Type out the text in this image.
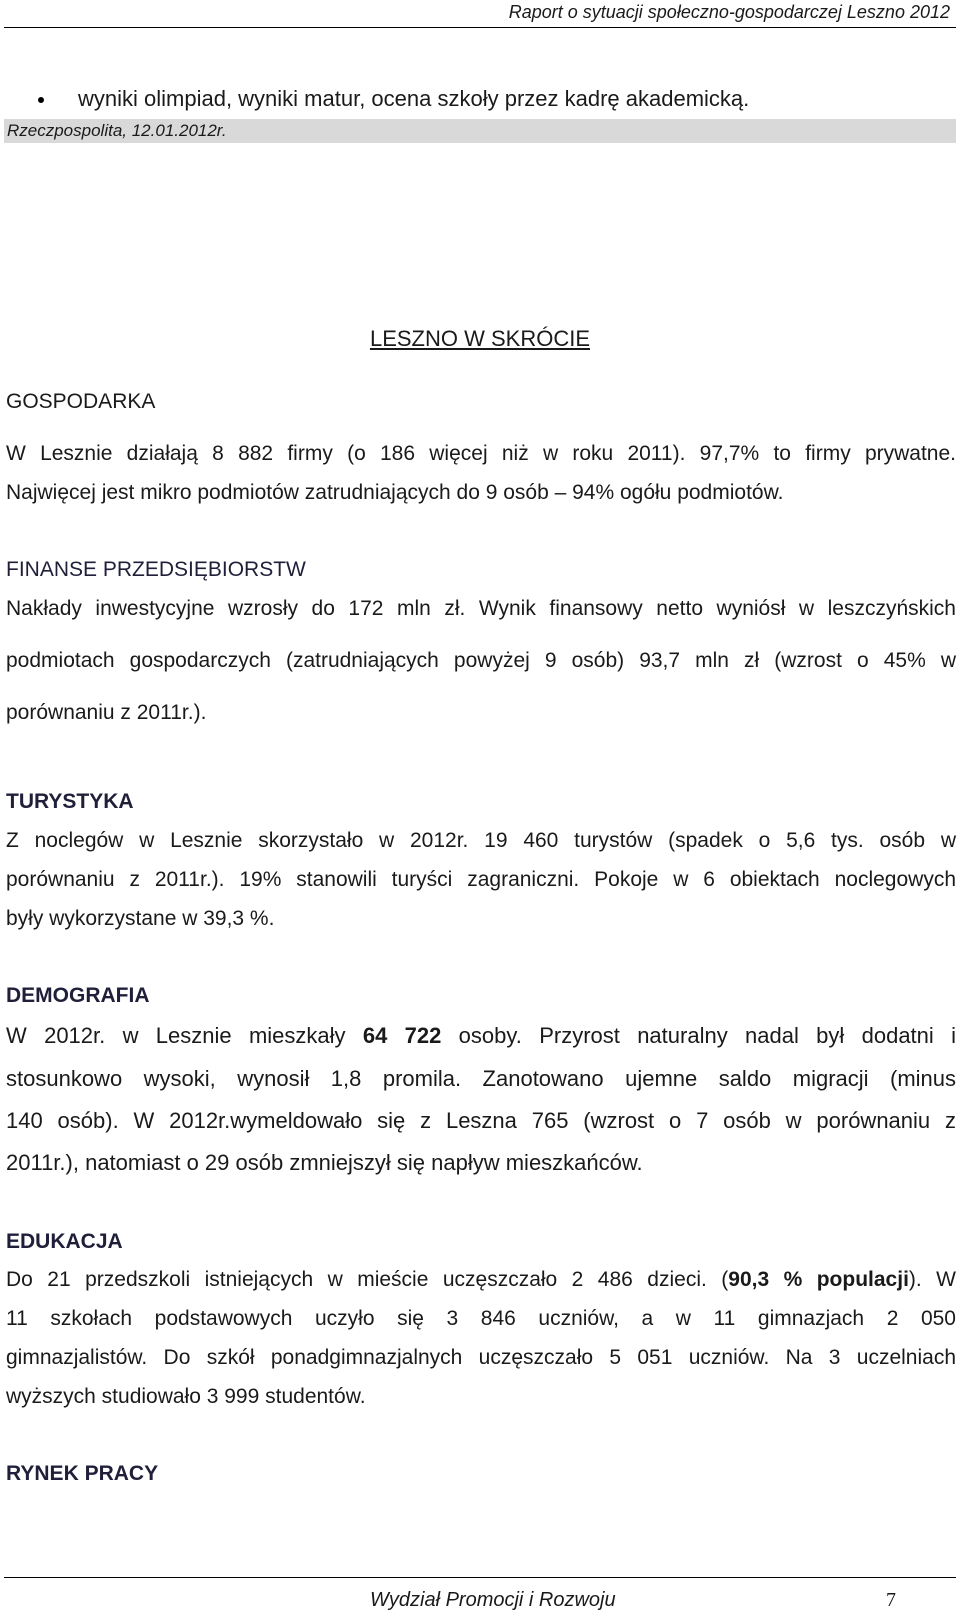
Raport o sytuacji społeczno-gospodarczej Leszno 2012
wyniki olimpiad, wyniki matur, ocena szkoły przez kadrę akademicką.
Rzeczpospolita, 12.01.2012r.
LESZNO W SKRÓCIE
GOSPODARKA
W Lesznie działają 8 882 firmy (o 186 więcej niż w roku 2011). 97,7% to firmy prywatne.
Najwięcej jest mikro podmiotów zatrudniających do 9 osób – 94% ogółu podmiotów.
FINANSE PRZEDSIĘBIORSTW
Nakłady inwestycyjne wzrosły do 172 mln zł. Wynik finansowy netto wyniósł w leszczyńskich
podmiotach gospodarczych (zatrudniających powyżej 9 osób) 93,7 mln zł (wzrost o 45% w
porównaniu z 2011r.).
TURYSTYKA
Z noclegów w Lesznie skorzystało w 2012r. 19 460 turystów (spadek o 5,6 tys. osób w
porównaniu z 2011r.). 19% stanowili turyści zagraniczni. Pokoje w 6 obiektach noclegowych
były wykorzystane w 39,3 %.
DEMOGRAFIA
W 2012r. w Lesznie mieszkały 64 722 osoby. Przyrost naturalny nadal był dodatni i
stosunkowo wysoki, wynosił 1,8 promila. Zanotowano ujemne saldo migracji (minus
140 osób). W 2012r.wymeldowało się z Leszna 765 (wzrost o 7 osób w porównaniu z
2011r.), natomiast o 29 osób zmniejszył się napływ mieszkańców.
EDUKACJA
Do 21 przedszkoli istniejących w mieście uczęszczało 2 486 dzieci. (90,3 % populacji). W
11 szkołach podstawowych uczyło się 3 846 uczniów, a w 11 gimnazjach 2 050
gimnazjalistów. Do szkół ponadgimnazjalnych uczęszczało 5 051 uczniów. Na 3 uczelniach
wyższych studiowało 3 999 studentów.
RYNEK PRACY
Wydział Promocji i Rozwoju	7
